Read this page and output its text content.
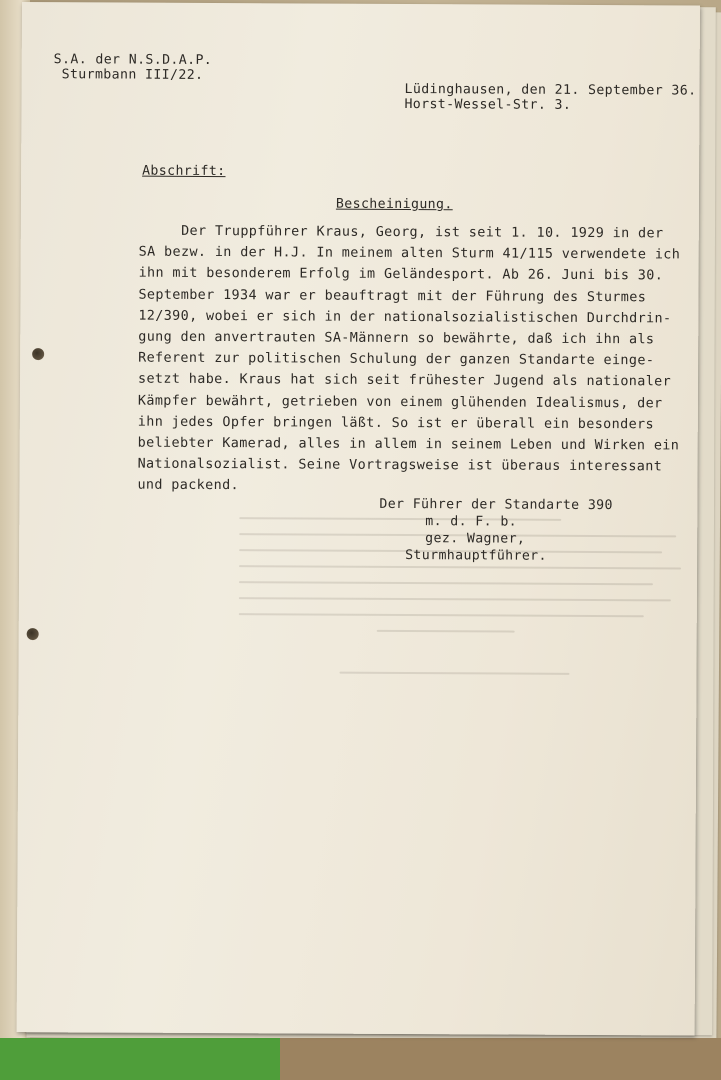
S.A. der N.S.D.A.P.
Sturmbann III/22.
Lüdinghausen, den 21. September 36.
Horst-Wessel-Str. 3.
Abschrift:
Bescheinigung.
Der Truppführer Kraus, Georg, ist seit 1. 10. 1929 in der
SA bezw. in der H.J. In meinem alten Sturm 41/115 verwendete ich
ihn mit besonderem Erfolg im Geländesport. Ab 26. Juni bis 30.
September 1934 war er beauftragt mit der Führung des Sturmes
12/390, wobei er sich in der nationalsozialistischen Durchdrin-
gung den anvertrauten SA-Männern so bewährte, daß ich ihn als
Referent zur politischen Schulung der ganzen Standarte einge-
setzt habe. Kraus hat sich seit frühester Jugend als nationaler
Kämpfer bewährt, getrieben von einem glühenden Idealismus, der
ihn jedes Opfer bringen läßt. So ist er überall ein besonders
beliebter Kamerad, alles in allem in seinem Leben und Wirken ein
Nationalsozialist. Seine Vortragsweise ist überaus interessant
und packend.
Der Führer der Standarte 390
m. d. F. b.
gez. Wagner,
Sturmhauptführer.
